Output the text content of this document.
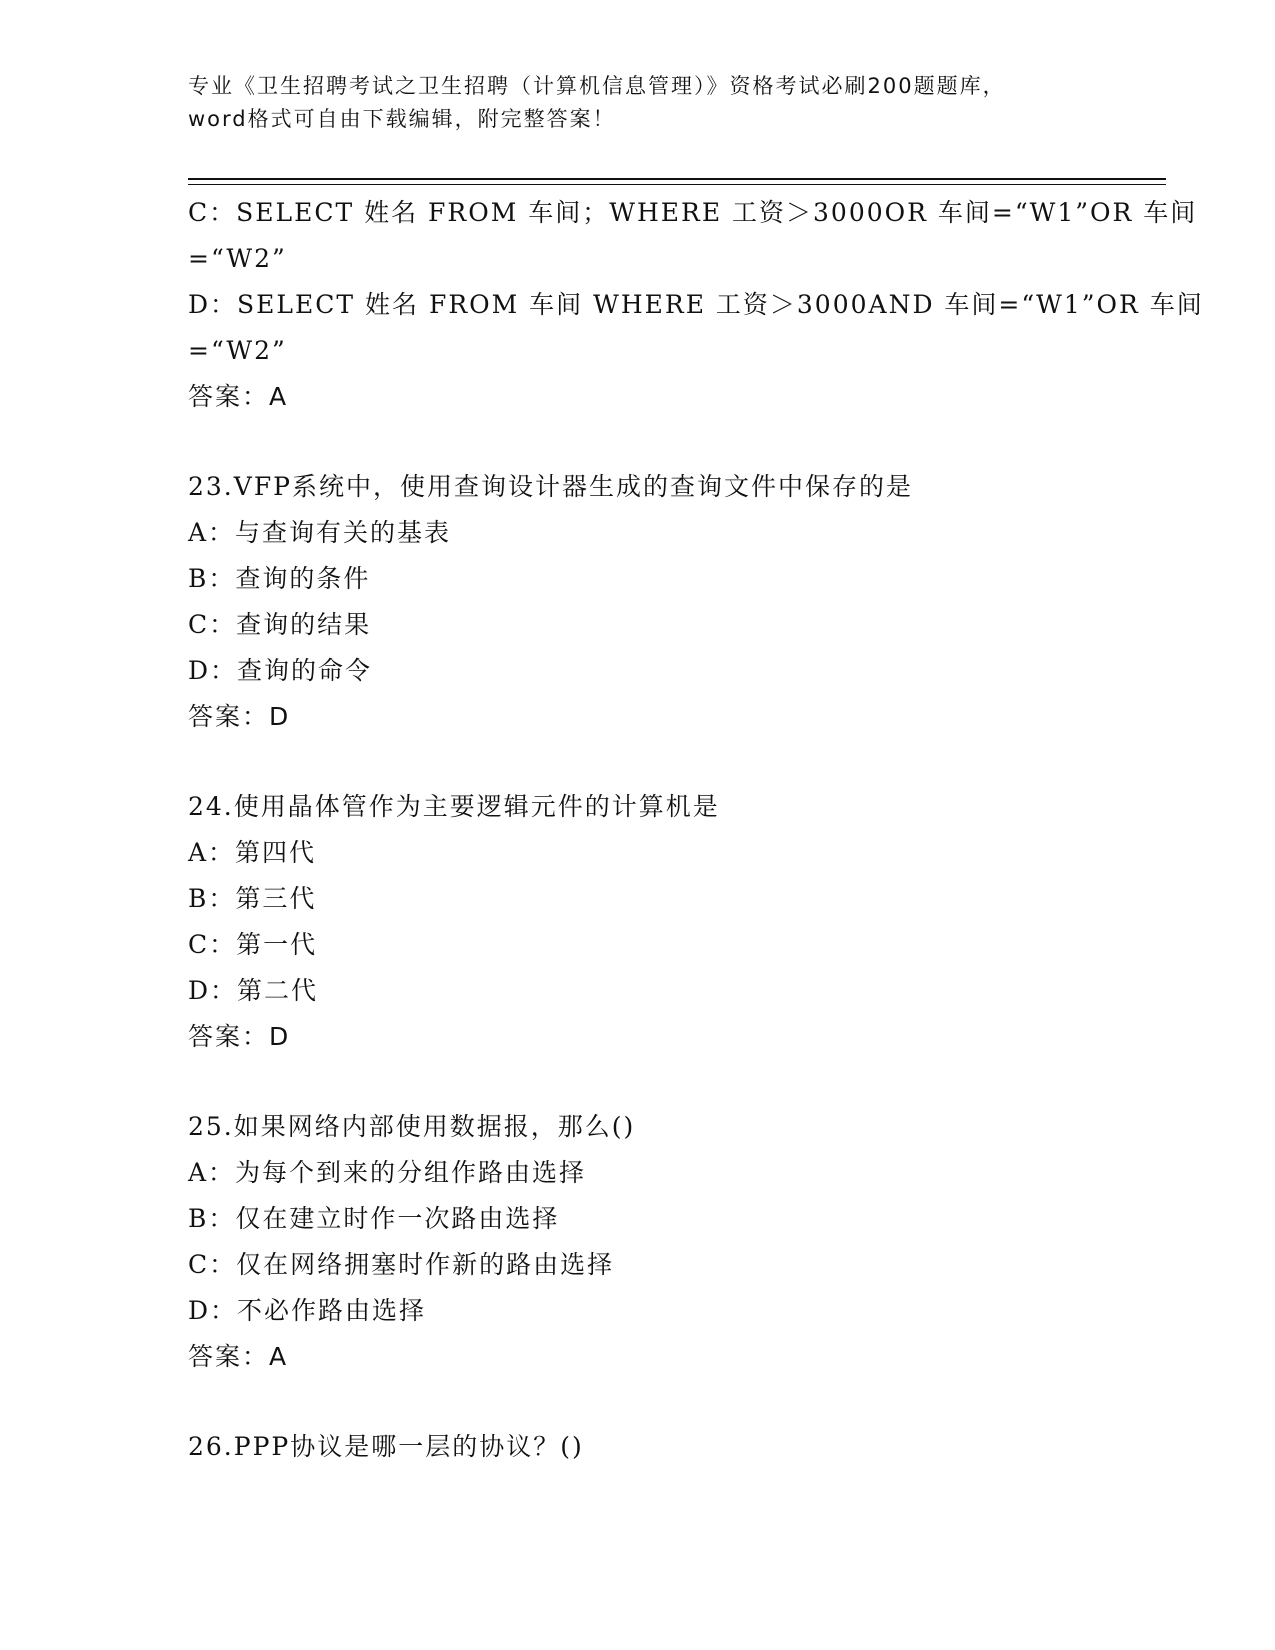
专业《卫生招聘考试之卫生招聘（计算机信息管理）》资格考试必刷200题题库，
word格式可自由下载编辑，附完整答案！
C：SELECT 姓名 FROM 车间；WHERE 工资＞3000OR 车间=“W1”OR 车间
=“W2”
D：SELECT 姓名 FROM 车间 WHERE 工资＞3000AND 车间=“W1”OR 车间
=“W2”
答案：A
23.VFP系统中，使用查询设计器生成的查询文件中保存的是
A：与查询有关的基表
B：查询的条件
C：查询的结果
D：查询的命令
答案：D
24.使用晶体管作为主要逻辑元件的计算机是
A：第四代
B：第三代
C：第一代
D：第二代
答案：D
25.如果网络内部使用数据报，那么()
A：为每个到来的分组作路由选择
B：仅在建立时作一次路由选择
C：仅在网络拥塞时作新的路由选择
D：不必作路由选择
答案：A
26.PPP协议是哪一层的协议？()
